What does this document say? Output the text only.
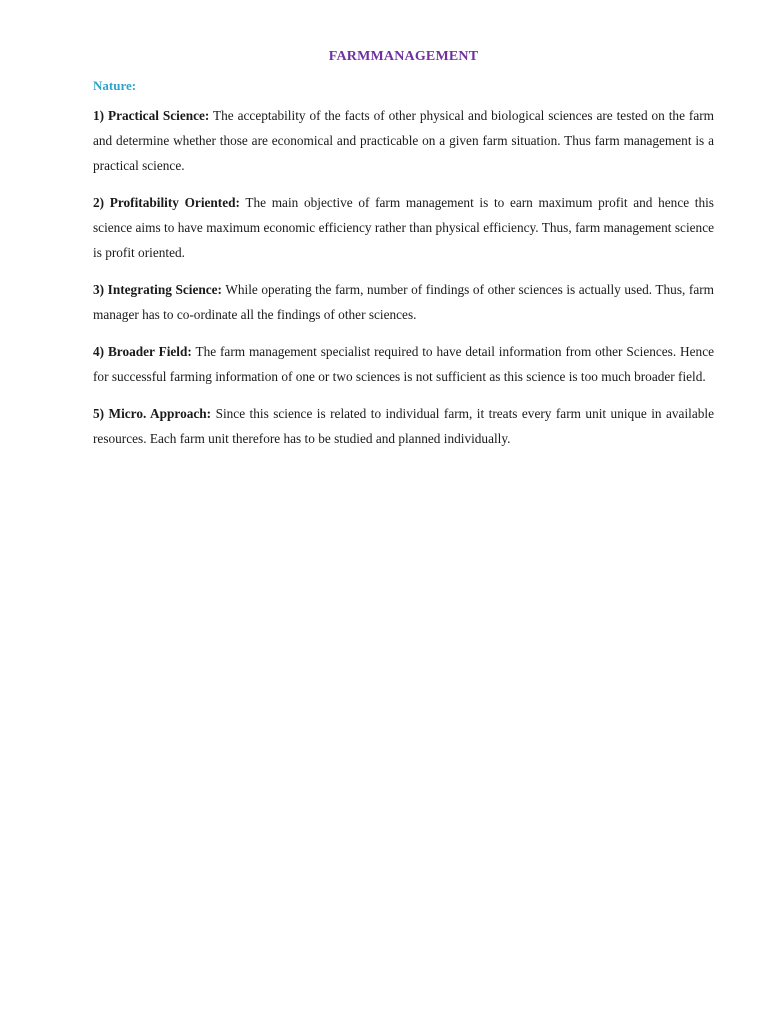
FARMMANAGEMENT
Nature:

1) Practical Science: The acceptability of the facts of other physical and biological sciences are tested on the farm and determine whether those are economical and practicable on a given farm situation. Thus farm management is a practical science.

2) Profitability Oriented: The main objective of farm management is to earn maximum profit and hence this science aims to have maximum economic efficiency rather than physical efficiency. Thus, farm management science is profit oriented.

3) Integrating Science: While operating the farm, number of findings of other sciences is actually used. Thus, farm manager has to co-ordinate all the findings of other sciences.

4) Broader Field: The farm management specialist required to have detail information from other Sciences. Hence for successful farming information of one or two sciences is not sufficient as this science is too much broader field.

5) Micro. Approach: Since this science is related to individual farm, it treats every farm unit unique in available resources. Each farm unit therefore has to be studied and planned individually.
